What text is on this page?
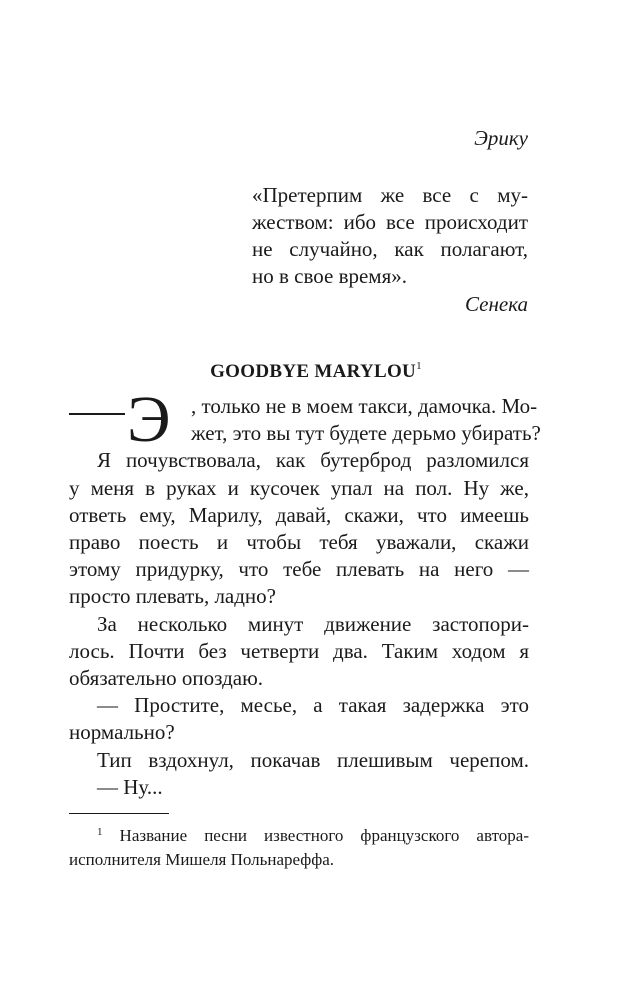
Эрику
«Претерпим же все с му-
жеством: ибо все происходит
не случайно, как полагают,
но в свое время».
Сенека
GOODBYE MARYLOU$^1$
Э , только не в моем такси, дамочка. Мо-
жет, это вы тут будете дерьмо убирать?
Я почувствовала, как бутерброд разломился
у меня в руках и кусочек упал на пол. Ну же,
ответь ему, Марилу, давай, скажи, что имеешь
право поесть и чтобы тебя уважали, скажи
этому придурку, что тебе плевать на него —
просто плевать, ладно?
За несколько минут движение застопори-
лось. Почти без четверти два. Таким ходом я
обязательно опоздаю.
— Простите, месье, а такая задержка это
нормально?
Тип вздохнул, покачав плешивым черепом.
— Ну...
$^1$ Название песни известного французского автора-
исполнителя Мишеля Польнареффа.
